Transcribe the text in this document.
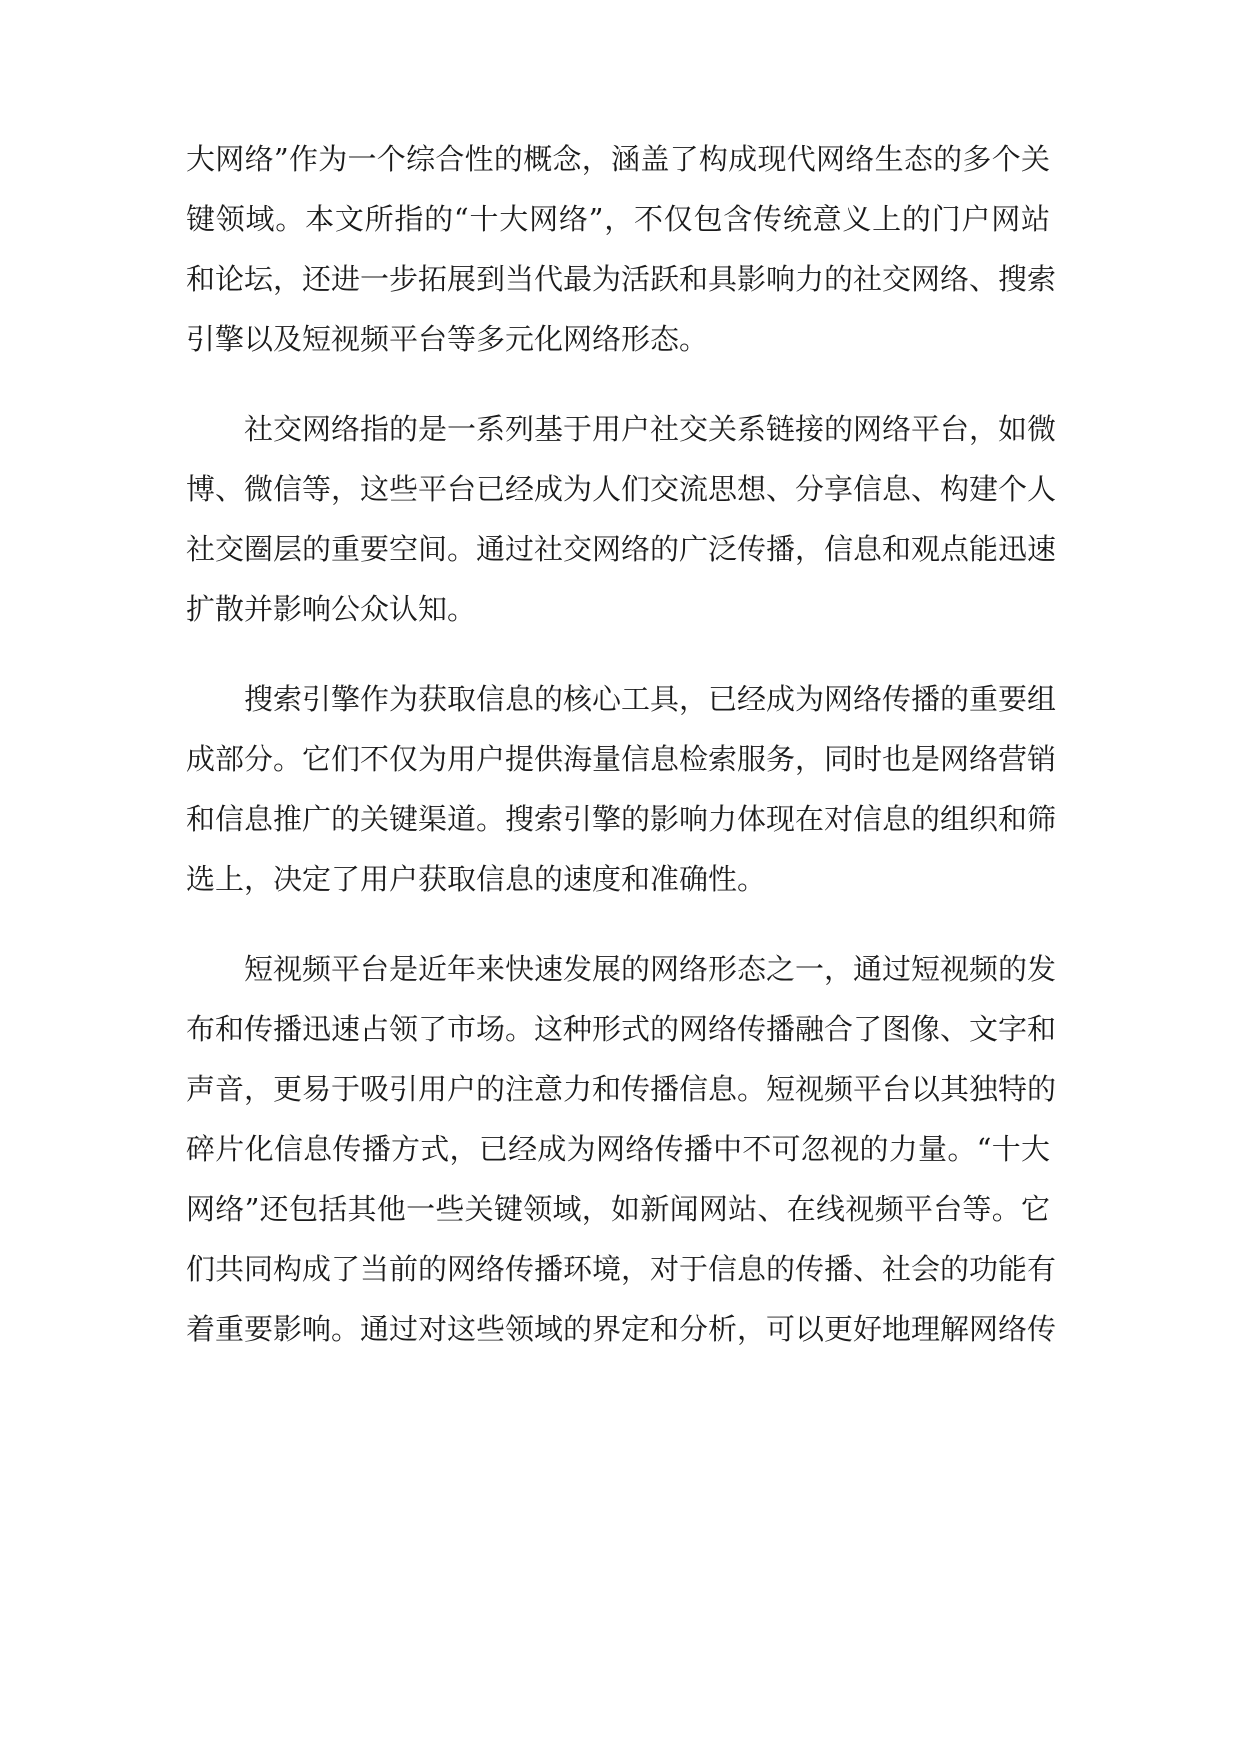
大网络”作为一个综合性的概念，涵盖了构成现代网络生态的多个关
键领域。本文所指的“十大网络”，不仅包含传统意义上的门户网站
和论坛，还进一步拓展到当代最为活跃和具影响力的社交网络、搜索
引擎以及短视频平台等多元化网络形态。
社交网络指的是一系列基于用户社交关系链接的网络平台，如微
博、微信等，这些平台已经成为人们交流思想、分享信息、构建个人
社交圈层的重要空间。通过社交网络的广泛传播，信息和观点能迅速
扩散并影响公众认知。
搜索引擎作为获取信息的核心工具，已经成为网络传播的重要组
成部分。它们不仅为用户提供海量信息检索服务，同时也是网络营销
和信息推广的关键渠道。搜索引擎的影响力体现在对信息的组织和筛
选上，决定了用户获取信息的速度和准确性。
短视频平台是近年来快速发展的网络形态之一，通过短视频的发
布和传播迅速占领了市场。这种形式的网络传播融合了图像、文字和
声音，更易于吸引用户的注意力和传播信息。短视频平台以其独特的
碎片化信息传播方式，已经成为网络传播中不可忽视的力量。“十大
网络”还包括其他一些关键领域，如新闻网站、在线视频平台等。它
们共同构成了当前的网络传播环境，对于信息的传播、社会的功能有
着重要影响。通过对这些领域的界定和分析，可以更好地理解网络传
